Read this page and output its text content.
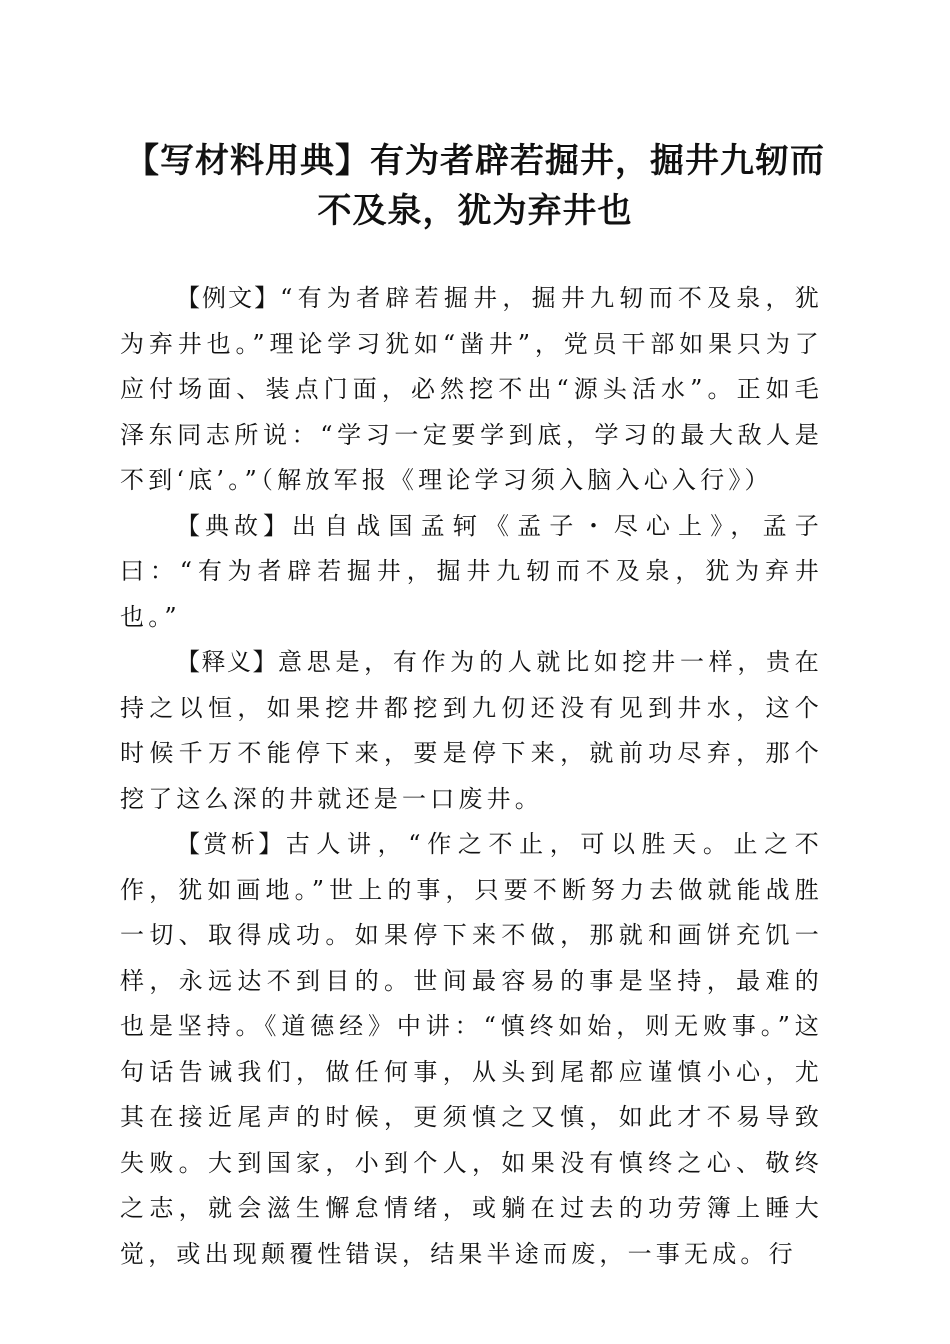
【写材料用典】有为者辟若掘井，掘井九轫而
不及泉，犹为弃井也

【例文】“有为者辟若掘井，掘井九轫而不及泉，犹为弃井也。”理论学习犹如“凿井”，党员干部如果只为了应付场面、装点门面，必然挖不出“源头活水”。正如毛泽东同志所说：“学习一定要学到底，学习的最大敌人是不到‘底’。”（解放军报《理论学习须入脑入心入行》）

【典故】出自战国孟轲《孟子・尽心上》，孟子曰：“有为者辟若掘井，掘井九轫而不及泉，犹为弃井也。”

【释义】意思是，有作为的人就比如挖井一样，贵在持之以恒，如果挖井都挖到九仞还没有见到井水，这个时候千万不能停下来，要是停下来，就前功尽弃，那个挖了这么深的井就还是一口废井。

【赏析】古人讲，“作之不止，可以胜天。止之不作，犹如画地。”世上的事，只要不断努力去做就能战胜一切、取得成功。如果停下来不做，那就和画饼充饥一样，永远达不到目的。世间最容易的事是坚持，最难的也是坚持。《道德经》中讲：“慎终如始，则无败事。”这句话告诫我们，做任何事，从头到尾都应谨慎小心，尤其在接近尾声的时候，更须慎之又慎，如此才不易导致失败。大到国家，小到个人，如果没有慎终之心、敬终之志，就会滋生懈怠情绪，或躺在过去的功劳簿上睡大觉，或出现颠覆性错误，结果半途而废，一事无成。行
